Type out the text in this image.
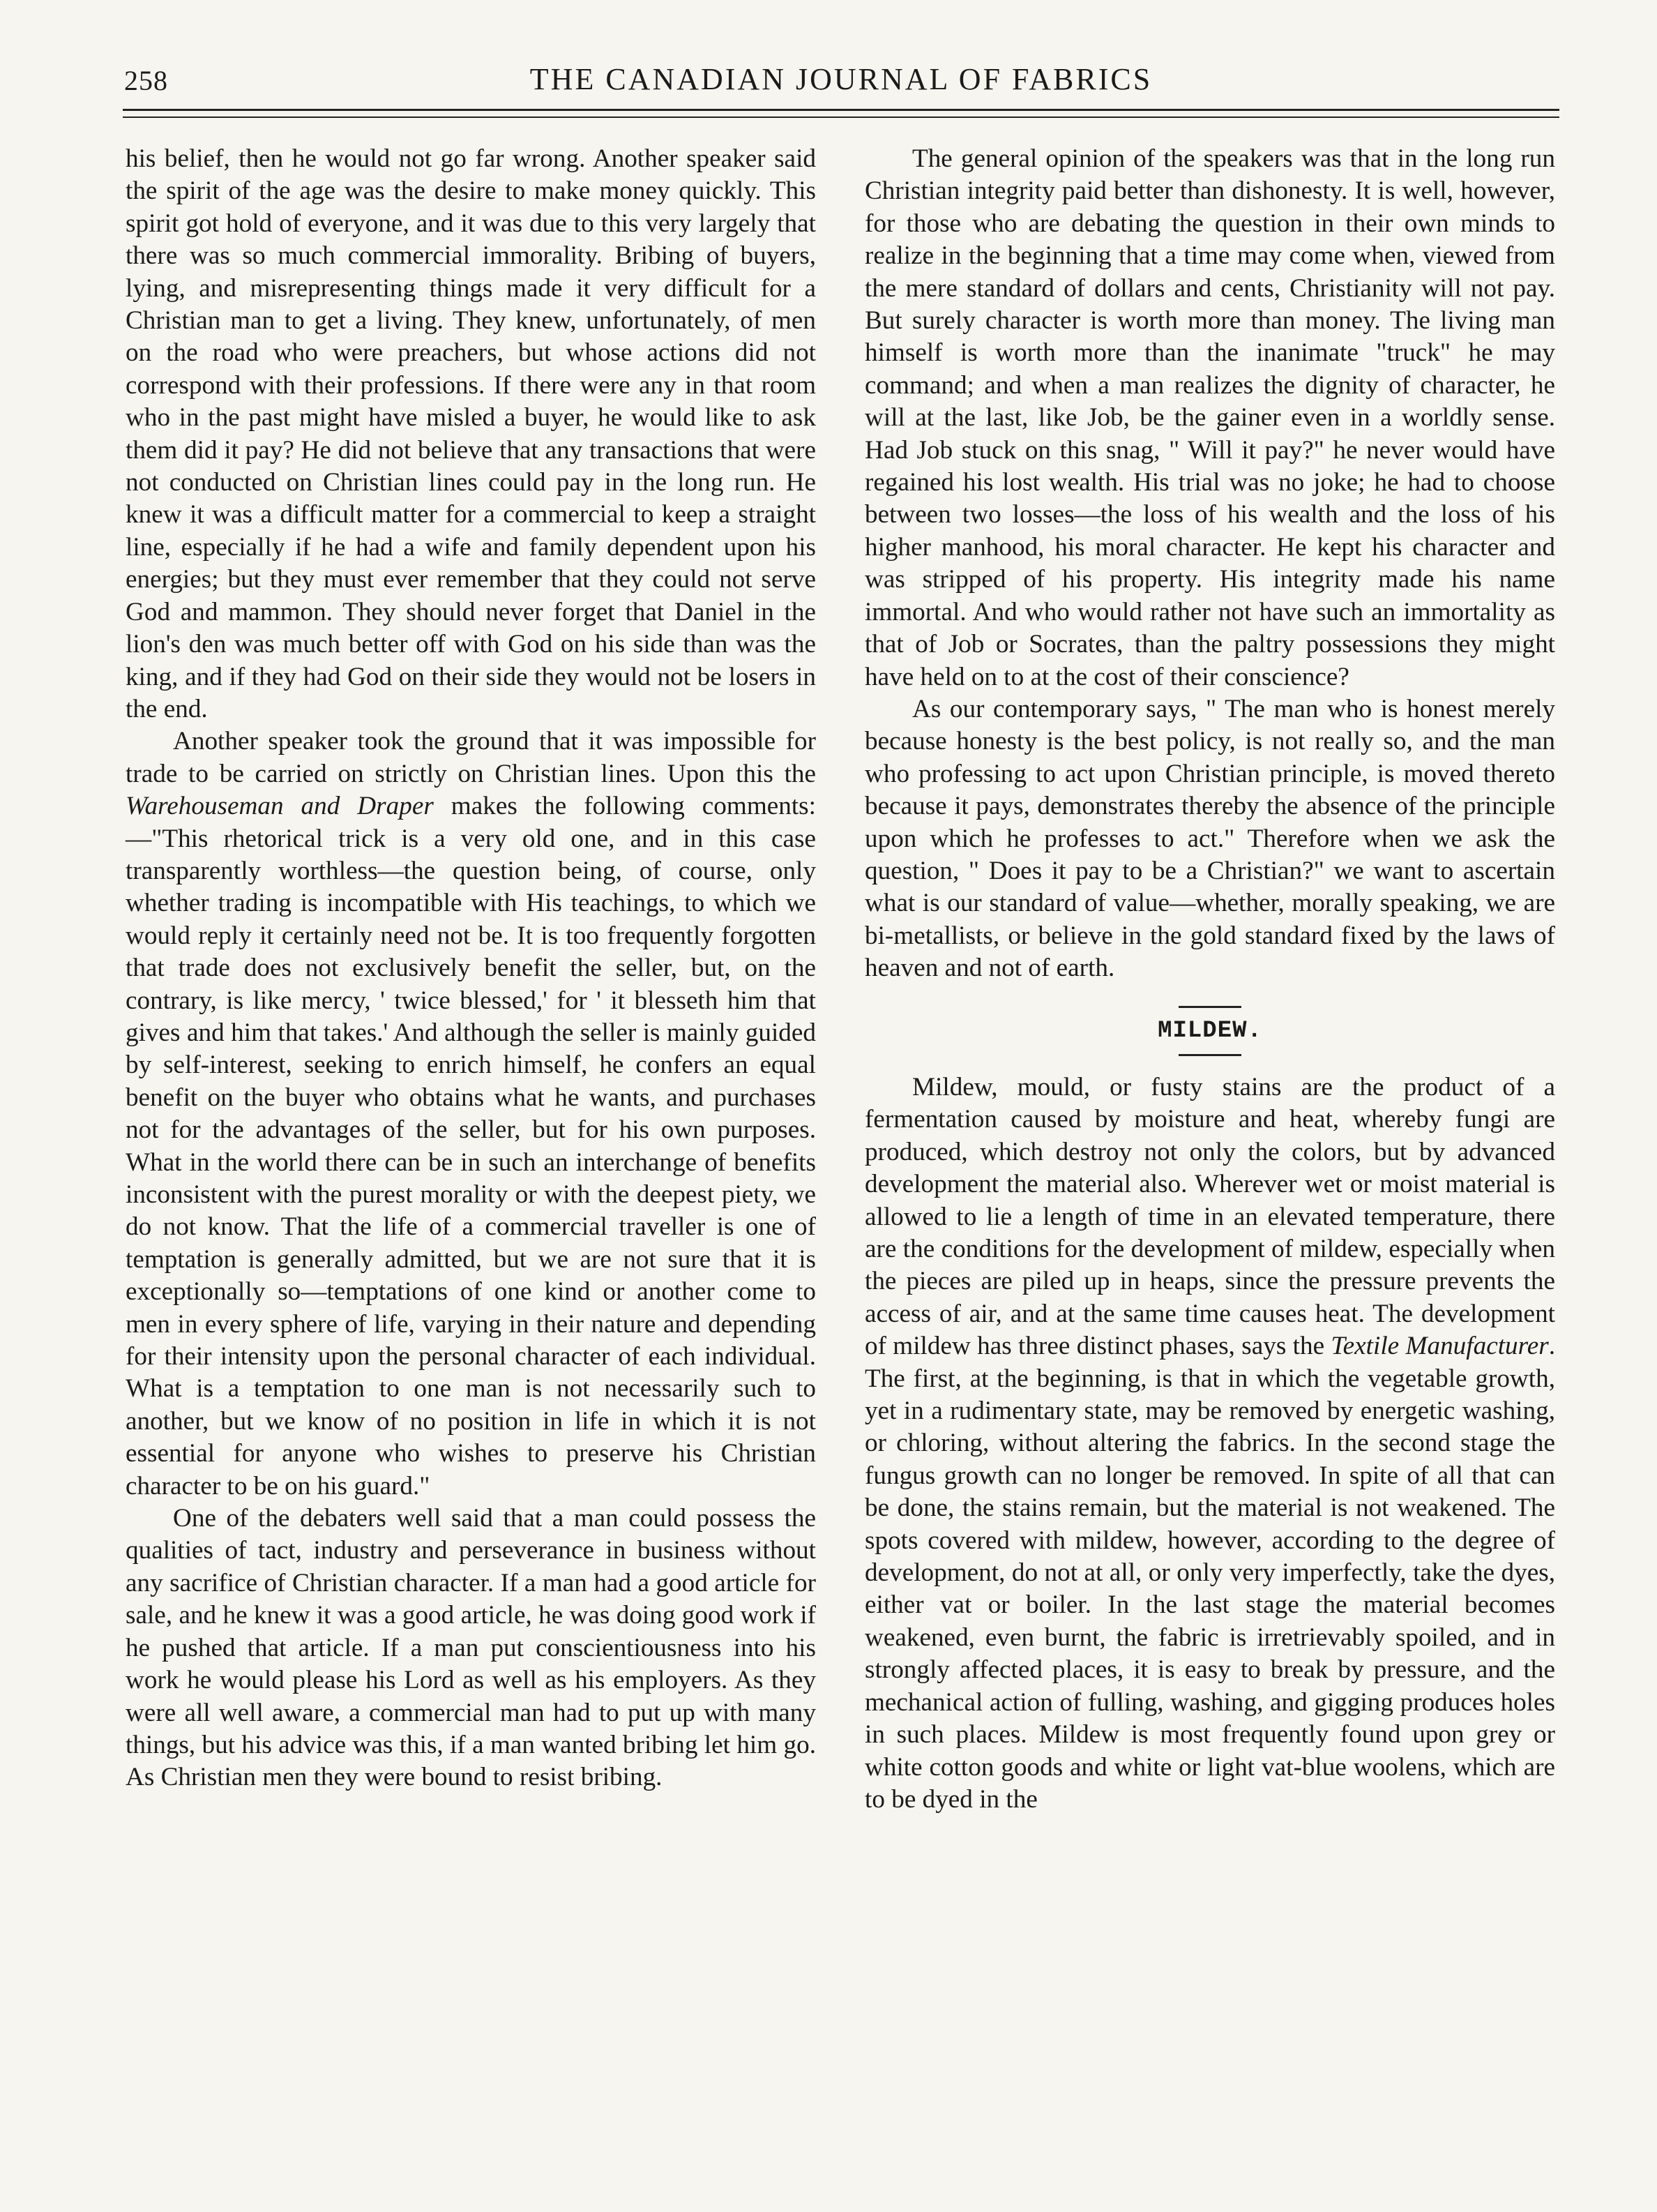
258	THE CANADIAN JOURNAL OF FABRICS

his belief, then he would not go far wrong. Another speaker said the spirit of the age was the desire to make money quickly. This spirit got hold of everyone, and it was due to this very largely that there was so much commercial immorality. Bribing of buyers, lying, and misrepresenting things made it very difficult for a Christian man to get a living. They knew, unfortunately, of men on the road who were preachers, but whose actions did not correspond with their professions. If there were any in that room who in the past might have misled a buyer, he would like to ask them did it pay? He did not believe that any transactions that were not conducted on Christian lines could pay in the long run. He knew it was a difficult matter for a commercial to keep a straight line, especially if he had a wife and family dependent upon his energies; but they must ever remember that they could not serve God and mammon. They should never forget that Daniel in the lion's den was much better off with God on his side than was the king, and if they had God on their side they would not be losers in the end.

Another speaker took the ground that it was impossible for trade to be carried on strictly on Christian lines. Upon this the Warehouseman and Draper makes the following comments:—"This rhetorical trick is a very old one, and in this case transparently worthless—the question being, of course, only whether trading is incompatible with His teachings, to which we would reply it certainly need not be. It is too frequently forgotten that trade does not exclusively benefit the seller, but, on the contrary, is like mercy, ' twice blessed,' for ' it blesseth him that gives and him that takes.' And although the seller is mainly guided by self-interest, seeking to enrich himself, he confers an equal benefit on the buyer who obtains what he wants, and purchases not for the advantages of the seller, but for his own purposes. What in the world there can be in such an interchange of benefits inconsistent with the purest morality or with the deepest piety, we do not know. That the life of a commercial traveller is one of temptation is generally admitted, but we are not sure that it is exceptionally so—temptations of one kind or another come to men in every sphere of life, varying in their nature and depending for their intensity upon the personal character of each individual. What is a temptation to one man is not necessarily such to another, but we know of no position in life in which it is not essential for anyone who wishes to preserve his Christian character to be on his guard."

One of the debaters well said that a man could possess the qualities of tact, industry and perseverance in business without any sacrifice of Christian character. If a man had a good article for sale, and he knew it was a good article, he was doing good work if he pushed that article. If a man put conscientiousness into his work he would please his Lord as well as his employers. As they were all well aware, a commercial man had to put up with many things, but his advice was this, if a man wanted bribing let him go. As Christian men they were bound to resist bribing.

The general opinion of the speakers was that in the long run Christian integrity paid better than dishonesty. It is well, however, for those who are debating the question in their own minds to realize in the beginning that a time may come when, viewed from the mere standard of dollars and cents, Christianity will not pay. But surely character is worth more than money. The living man himself is worth more than the inanimate "truck" he may command; and when a man realizes the dignity of character, he will at the last, like Job, be the gainer even in a worldly sense. Had Job stuck on this snag, " Will it pay?" he never would have regained his lost wealth. His trial was no joke; he had to choose between two losses—the loss of his wealth and the loss of his higher manhood, his moral character. He kept his character and was stripped of his property. His integrity made his name immortal. And who would rather not have such an immortality as that of Job or Socrates, than the paltry possessions they might have held on to at the cost of their conscience?

As our contemporary says, " The man who is honest merely because honesty is the best policy, is not really so, and the man who professing to act upon Christian principle, is moved thereto because it pays, demonstrates thereby the absence of the principle upon which he professes to act." Therefore when we ask the question, " Does it pay to be a Christian?" we want to ascertain what is our standard of value—whether, morally speaking, we are bi-metallists, or believe in the gold standard fixed by the laws of heaven and not of earth.

MILDEW.

Mildew, mould, or fusty stains are the product of a fermentation caused by moisture and heat, whereby fungi are produced, which destroy not only the colors, but by advanced development the material also. Wherever wet or moist material is allowed to lie a length of time in an elevated temperature, there are the conditions for the development of mildew, especially when the pieces are piled up in heaps, since the pressure prevents the access of air, and at the same time causes heat. The development of mildew has three distinct phases, says the Textile Manufacturer. The first, at the beginning, is that in which the vegetable growth, yet in a rudimentary state, may be removed by energetic washing, or chloring, without altering the fabrics. In the second stage the fungus growth can no longer be removed. In spite of all that can be done, the stains remain, but the material is not weakened. The spots covered with mildew, however, according to the degree of development, do not at all, or only very imperfectly, take the dyes, either vat or boiler. In the last stage the material becomes weakened, even burnt, the fabric is irretrievably spoiled, and in strongly affected places, it is easy to break by pressure, and the mechanical action of fulling, washing, and gigging produces holes in such places. Mildew is most frequently found upon grey or white cotton goods and white or light vat-blue woolens, which are to be dyed in the
